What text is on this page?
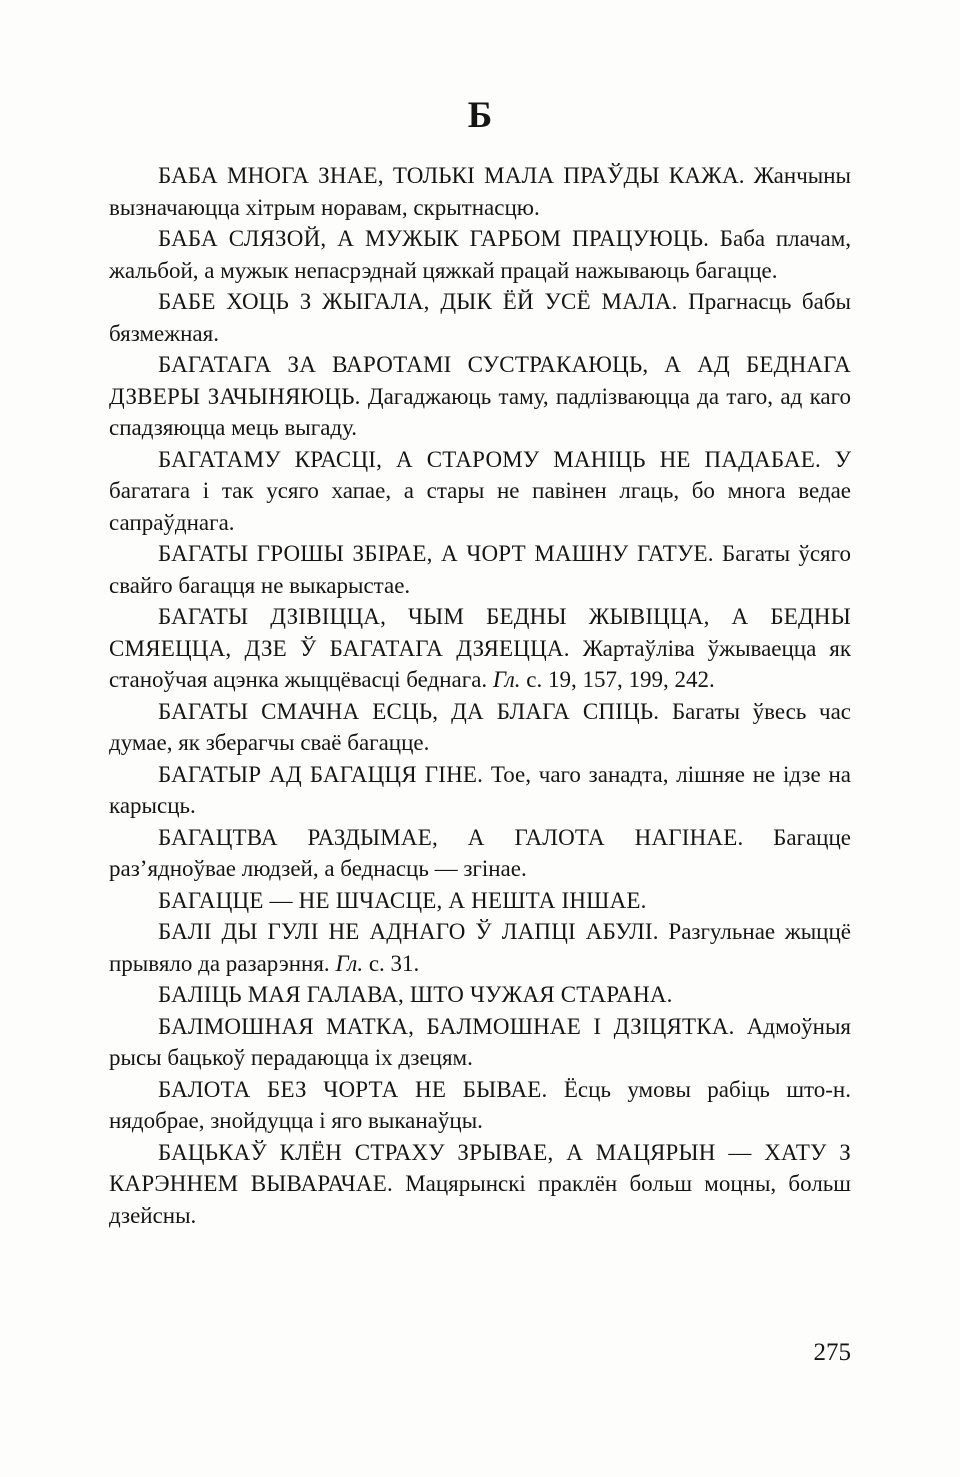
Б

БАБА МНОГА ЗНАЕ, ТОЛЬКІ МАЛА ПРАЎДЫ КАЖА. Жанчыны вызначаюцца хітрым норавам, скрытнасцю.

БАБА СЛЯЗОЙ, А МУЖЫК ГАРБОМ ПРАЦУЮЦЬ. Баба плачам, жальбой, а мужык непасрэднай цяжкай працай нажываюць багацце.

БАБЕ ХОЦЬ З ЖЫГАЛА, ДЫК ЁЙ УСЁ МАЛА. Прагнасць бабы бязмежная.

БАГАТАГА ЗА ВАРОТАМІ СУСТРАКАЮЦЬ, А АД БЕДНАГА ДЗВЕРЫ ЗАЧЫНЯЮЦЬ. Дагаджаюць таму, падлізваюцца да таго, ад каго спадзяюцца мець выгаду.

БАГАТАМУ КРАСЦІ, А СТАРОМУ МАНІЦЬ НЕ ПАДАБАЕ. У багатага і так усяго хапае, а стары не павінен лгаць, бо многа ведае сапраўднага.

БАГАТЫ ГРОШЫ ЗБІРАЕ, А ЧОРТ МАШНУ ГАТУЕ. Багаты ўсяго свайго багацця не выкарыстае.

БАГАТЫ ДЗІВІЦЦА, ЧЫМ БЕДНЫ ЖЫВІЦЦА, А БЕДНЫ СМЯЕЦЦА, ДЗЕ Ў БАГАТАГА ДЗЯЕЦЦА. Жартаўліва ўжываецца як станоўчая ацэнка жыццёвасці беднага. Гл. с. 19, 157, 199, 242.

БАГАТЫ СМАЧНА ЕСЦЬ, ДА БЛАГА СПІЦЬ. Багаты ўвесь час думае, як зберагчы сваё багацце.

БАГАТЫР АД БАГАЦЦЯ ГІНЕ. Тое, чаго занадта, лішняе не ідзе на карысць.

БАГАЦТВА РАЗДЫМАЕ, А ГАЛОТА НАГІНАЕ. Багацце раз’ядноўвае людзей, а беднасць — згінае.

БАГАЦЦЕ — НЕ ШЧАСЦЕ, А НЕШТА ІНШАЕ.

БАЛІ ДЫ ГУЛІ НЕ АДНАГО Ў ЛАПЦІ АБУЛІ. Разгульнае жыццё прывяло да разарэння. Гл. с. 31.

БАЛІЦЬ МАЯ ГАЛАВА, ШТО ЧУЖАЯ СТАРАНА.

БАЛМОШНАЯ МАТКА, БАЛМОШНАЕ І ДЗІЦЯТКА. Адмоўныя рысы бацькоў перадаюцца іх дзецям.

БАЛОТА БЕЗ ЧОРТА НЕ БЫВАЕ. Ёсць умовы рабіць што-н. нядобрае, знойдуцца і яго выканаўцы.

БАЦЬКАЎ КЛЁН СТРАХУ ЗРЫВАЕ, А МАЦЯРЫН — ХАТУ З КАРЭННЕМ ВЫВАРАЧАЕ. Мацярынскі праклён больш моцны, больш дзейсны.

275
